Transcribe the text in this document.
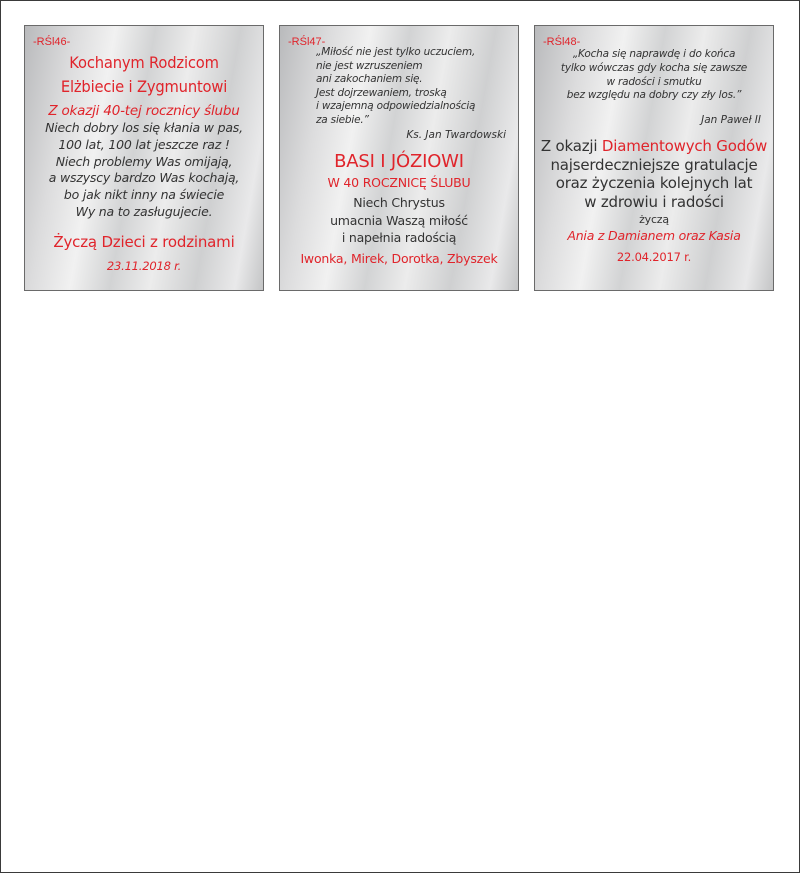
-RŚl46-
Kochanym Rodzicom
Elżbiecie i Zygmuntowi
Z okazji 40-tej rocznicy ślubu
Niech dobry los się kłania w pas,
100 lat, 100 lat jeszcze raz !
Niech problemy Was omijają,
a wszyscy bardzo Was kochają,
bo jak nikt inny na świecie
Wy na to zasługujecie.
Życzą Dzieci z rodzinami
23.11.2018 r.
-RŚl47-
„Miłość nie jest tylko uczuciem,
nie jest wzruszeniem
ani zakochaniem się.
Jest dojrzewaniem, troską
i wzajemną odpowiedzialnością
za siebie.”
Ks. Jan Twardowski
BASI I JÓZIOWI
W 40 ROCZNICĘ ŚLUBU
Niech Chrystus
umacnia Waszą miłość
i napełnia radością
Iwonka, Mirek, Dorotka, Zbyszek
-RŚl48-
„Kocha się naprawdę i do końca
tylko wówczas gdy kocha się zawsze
w radości i smutku
bez względu na dobry czy zły los.”
Jan Paweł II
Z okazji Diamentowych Godów
najserdeczniejsze gratulacje
oraz życzenia kolejnych lat
w zdrowiu i radości
życzą
Ania z Damianem oraz Kasia
22.04.2017 r.
